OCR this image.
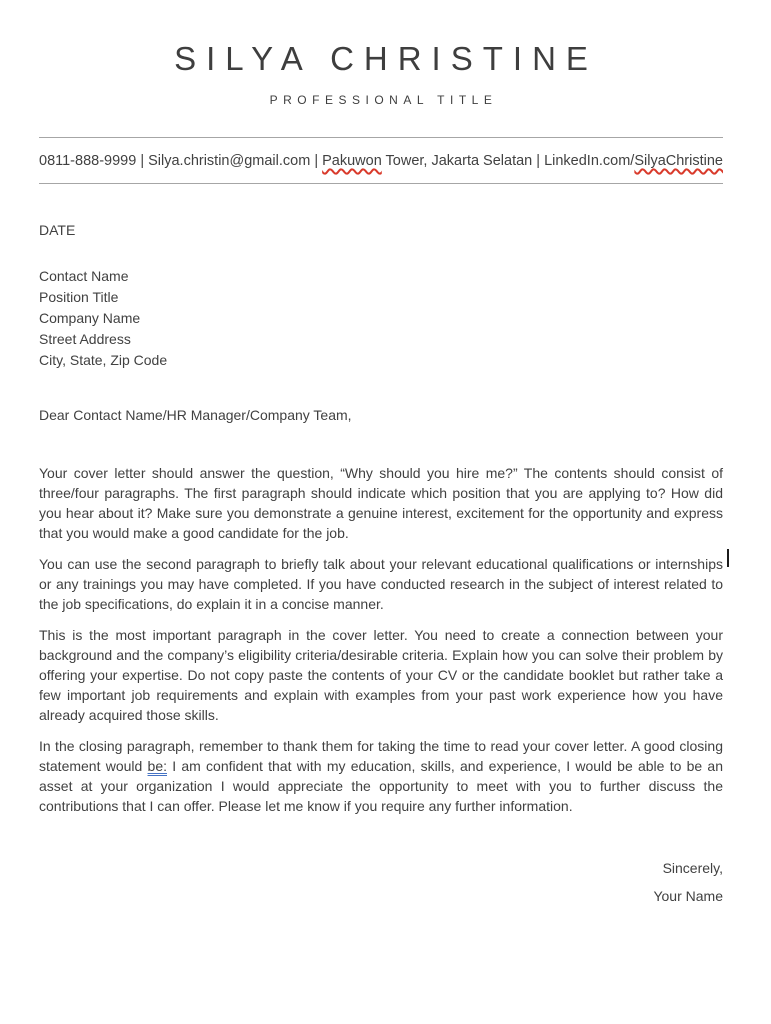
SILYA CHRISTINE
PROFESSIONAL TITLE
0811-888-9999 | Silya.christin@gmail.com | Pakuwon Tower, Jakarta Selatan | LinkedIn.com/SilyaChristine
DATE
Contact Name
Position Title
Company Name
Street Address
City, State, Zip Code
Dear Contact Name/HR Manager/Company Team,

Your cover letter should answer the question, “Why should you hire me?” The contents should consist of three/four paragraphs. The first paragraph should indicate which position that you are applying to? How did you hear about it? Make sure you demonstrate a genuine interest, excitement for the opportunity and express that you would make a good candidate for the job.

You can use the second paragraph to briefly talk about your relevant educational qualifications or internships or any trainings you may have completed. If you have conducted research in the subject of interest related to the job specifications, do explain it in a concise manner.

This is the most important paragraph in the cover letter. You need to create a connection between your background and the company’s eligibility criteria/desirable criteria. Explain how you can solve their problem by offering your expertise. Do not copy paste the contents of your CV or the candidate booklet but rather take a few important job requirements and explain with examples from your past work experience how you have already acquired those skills.

In the closing paragraph, remember to thank them for taking the time to read your cover letter. A good closing statement would be: I am confident that with my education, skills, and experience, I would be able to be an asset at your organization I would appreciate the opportunity to meet with you to further discuss the contributions that I can offer. Please let me know if you require any further information.

Sincerely,
Your Name
